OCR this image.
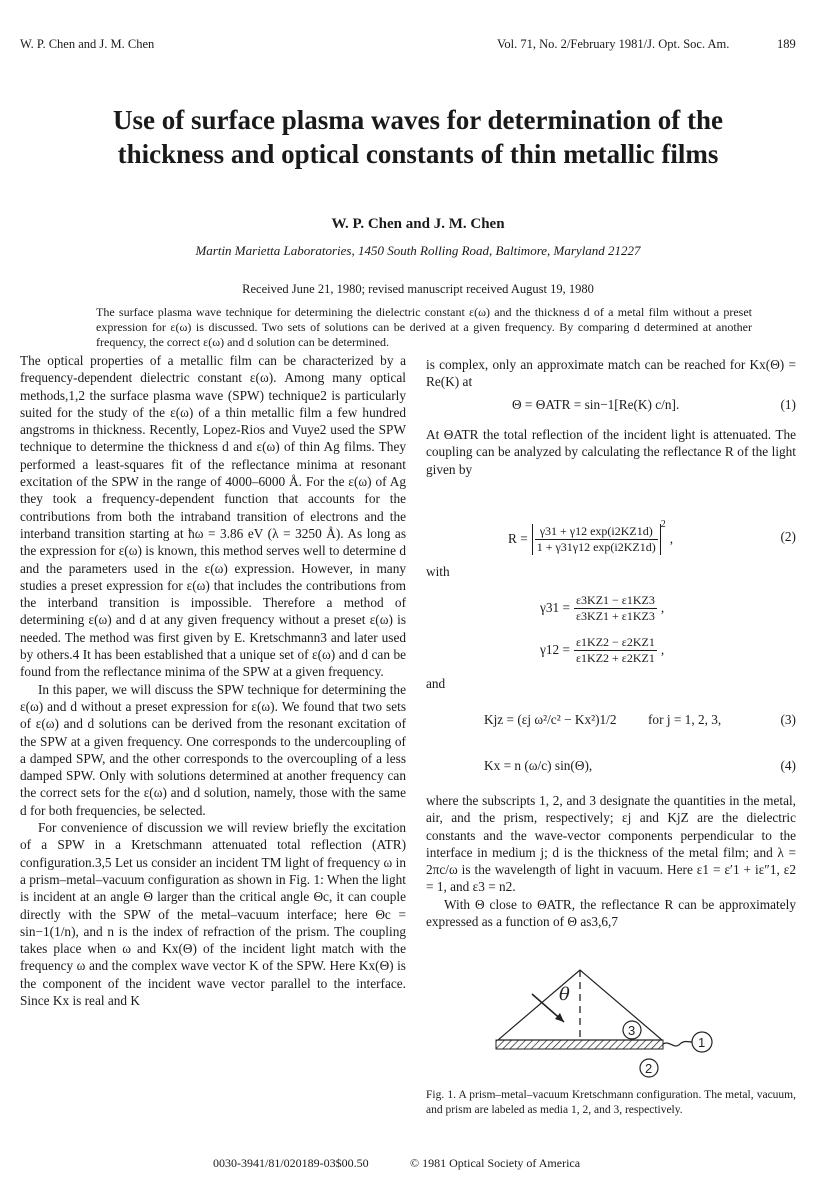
W. P. Chen and J. M. Chen	Vol. 71, No. 2/February 1981/J. Opt. Soc. Am.	189
Use of surface plasma waves for determination of the
thickness and optical constants of thin metallic films
W. P. Chen and J. M. Chen
Martin Marietta Laboratories, 1450 South Rolling Road, Baltimore, Maryland 21227
Received June 21, 1980; revised manuscript received August 19, 1980
The surface plasma wave technique for determining the dielectric constant ε(ω) and the thickness d of a metal film without a preset expression for ε(ω) is discussed. Two sets of solutions can be derived at a given frequency. By comparing d determined at another frequency, the correct ε(ω) and d solution can be determined.

The optical properties of a metallic film can be characterized by a frequency-dependent dielectric constant ε(ω). Among many optical methods,1,2 the surface plasma wave (SPW) technique2 is particularly suited for the study of the ε(ω) of a thin metallic film a few hundred angstroms in thickness. Recently, Lopez-Rios and Vuye2 used the SPW technique to determine the thickness d and ε(ω) of thin Ag films. They performed a least-squares fit of the reflectance minima at resonant excitation of the SPW in the range of 4000–6000 Å. For the ε(ω) of Ag they took a frequency-dependent function that accounts for the contributions from both the intraband transition of electrons and the interband transition starting at ħω = 3.86 eV (λ = 3250 Å). As long as the expression for ε(ω) is known, this method serves well to determine d and the parameters used in the ε(ω) expression. However, in many studies a preset expression for ε(ω) that includes the contributions from the interband transition is impossible. Therefore a method of determining ε(ω) and d at any given frequency without a preset ε(ω) is needed. The method was first given by E. Kretschmann3 and later used by others.4 It has been established that a unique set of ε(ω) and d can be found from the reflectance minima of the SPW at a given frequency.

In this paper, we will discuss the SPW technique for determining the ε(ω) and d without a preset expression for ε(ω). We found that two sets of ε(ω) and d solutions can be derived from the resonant excitation of the SPW at a given frequency. One corresponds to the undercoupling of a damped SPW, and the other corresponds to the overcoupling of a less damped SPW. Only with solutions determined at another frequency can the correct sets for the ε(ω) and d solution, namely, those with the same d for both frequencies, be selected.

For convenience of discussion we will review briefly the excitation of a SPW in a Kretschmann attenuated total reflection (ATR) configuration.3,5 Let us consider an incident TM light of frequency ω in a prism–metal–vacuum configuration as shown in Fig. 1: When the light is incident at an angle Θ larger than the critical angle Θc, it can couple directly with the SPW of the metal–vacuum interface; here Θc = sin−1(1/n), and n is the index of refraction of the prism. The coupling takes place when ω and Kx(Θ) of the incident light match with the frequency ω and the complex wave vector K of the SPW. Here Kx(Θ) is the component of the incident wave vector parallel to the interface. Since Kx is real and K

is complex, only an approximate match can be reached for Kx(Θ) = Re(K) at

Θ = ΘATR = sin−1[Re(K) c/n].	(1)

At ΘATR the total reflection of the incident light is attenuated. The coupling can be analyzed by calculating the reflectance R of the light given by

$R = \frac{\gamma 31 + \gamma 12 \exp(i2KZ1d)}{1 + \gamma 31\gamma 12 \exp(i2KZ1d)} ^2$
,	(2)
with
$\gamma 31 = \frac{\varepsilon 3KZ1 - \varepsilon 1KZ3}{\varepsilon 3KZ1 + \varepsilon 1KZ3}$ ,
$\gamma 12 = \frac{\varepsilon 1KZ2 - \varepsilon 2KZ1}{\varepsilon 1KZ2 + \varepsilon 2KZ1}$ ,
and
Kjz = (εj ω²/c² − Kx²)1/2 for j = 1, 2, 3,	(3)
Kx = n (ω/c) sin(Θ),	(4)

where the subscripts 1, 2, and 3 designate the quantities in the metal, air, and the prism, respectively; εj and KjZ are the dielectric constants and the wave-vector components perpendicular to the interface in medium j; d is the thickness of the metal film; and λ = 2πc/ω is the wavelength of light in vacuum. Here ε1 = ε′1 + iε″1, ε2 = 1, and ε3 = n2.

With Θ close to ΘATR, the reflectance R can be approximately expressed as a function of Θ as3,6,7

θ
1
2
3
Fig. 1. A prism–metal–vacuum Kretschmann configuration. The metal, vacuum, and prism are labeled as media 1, 2, and 3, respectively.
0030-3941/81/020189-03$00.50	© 1981 Optical Society of America
